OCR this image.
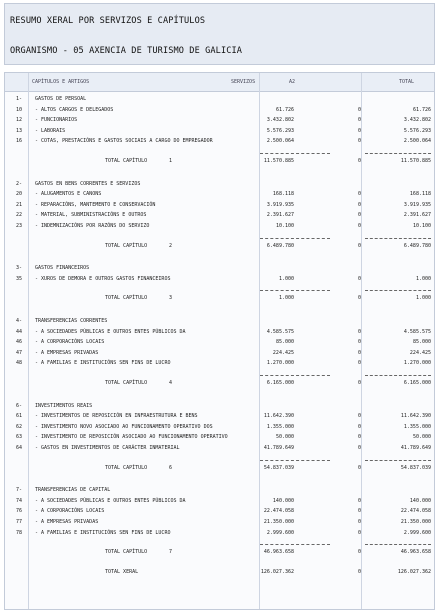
RESUMO XERAL POR SERVIZOS E CAPÍTULOS
ORGANISMO - 05 AXENCIA DE TURISMO DE GALICIA
CAPÍTULOS E ARTIGOS	SERVIZOS	A2	TOTAL
1-	GASTOS DE PERSOAL
10	- ALTOS CARGOS E DELEGADOS	61.726	0	61.726
12	- FUNCIONARIOS	3.432.802	0	3.432.802
13	- LABORAIS	5.576.293	0	5.576.293
16	- COTAS, PRESTACIÓNS E GASTOS SOCIAIS A CARGO DO EMPREGADOR	2.500.064	0	2.500.064
TOTAL CAPÍTULO	1	11.570.885	0	11.570.885
2-	GASTOS EN BENS CORRENTES E SERVIZOS
20	- ALUGAMENTOS E CANONS	168.118	0	168.118
21	- REPARACIÓNS, MANTEMENTO E CONSERVACIÓN	3.919.935	0	3.919.935
22	- MATERIAL, SUBMINISTRACIÓNS E OUTROS	2.391.627	0	2.391.627
23	- INDEMNIZACIÓNS POR RAZÓNS DO SERVIZO	10.100	0	10.100
TOTAL CAPÍTULO	2	6.489.780	0	6.489.780
3-	GASTOS FINANCEIROS
35	- XUROS DE DEMORA E OUTROS GASTOS FINANCEIROS	1.000	0	1.000
TOTAL CAPÍTULO	3	1.000	0	1.000
4-	TRANSFERENCIAS CORRENTES
44	- A SOCIEDADES PÚBLICAS E OUTROS ENTES PÚBLICOS DA	4.585.575	0	4.585.575
46	- A CORPORACIÓNS LOCAIS	85.000	0	85.000
47	- A EMPRESAS PRIVADAS	224.425	0	224.425
48	- A FAMILIAS E INSTITUCIÓNS SEN FINS DE LUCRO	1.270.000	0	1.270.000
TOTAL CAPÍTULO	4	6.165.000	0	6.165.000
6-	INVESTIMENTOS REAIS
61	- INVESTIMENTOS DE REPOSICIÓN EN INFRAESTRUTURA E BENS	11.642.390	0	11.642.390
62	- INVESTIMENTO NOVO ASOCIADO AO FUNCIONAMENTO OPERATIVO DOS	1.355.000	0	1.355.000
63	- INVESTIMENTO DE REPOSICIÓN ASOCIADO AO FUNCIONAMENTO OPERATIVO	50.000	0	50.000
64	- GASTOS EN INVESTIMENTOS DE CARÁCTER INMATERIAL	41.789.649	0	41.789.649
TOTAL CAPÍTULO	6	54.837.039	0	54.837.039
7-	TRANSFERENCIAS DE CAPITAL
74	- A SOCIEDADES PÚBLICAS E OUTROS ENTES PÚBLICOS DA	140.000	0	140.000
76	- A CORPORACIÓNS LOCAIS	22.474.058	0	22.474.058
77	- A EMPRESAS PRIVADAS	21.350.000	0	21.350.000
78	- A FAMILIAS E INSTITUCIÓNS SEN FINS DE LUCRO	2.999.600	0	2.999.600
TOTAL CAPÍTULO	7	46.963.658	0	46.963.658
TOTAL XERAL	126.027.362	0	126.027.362
